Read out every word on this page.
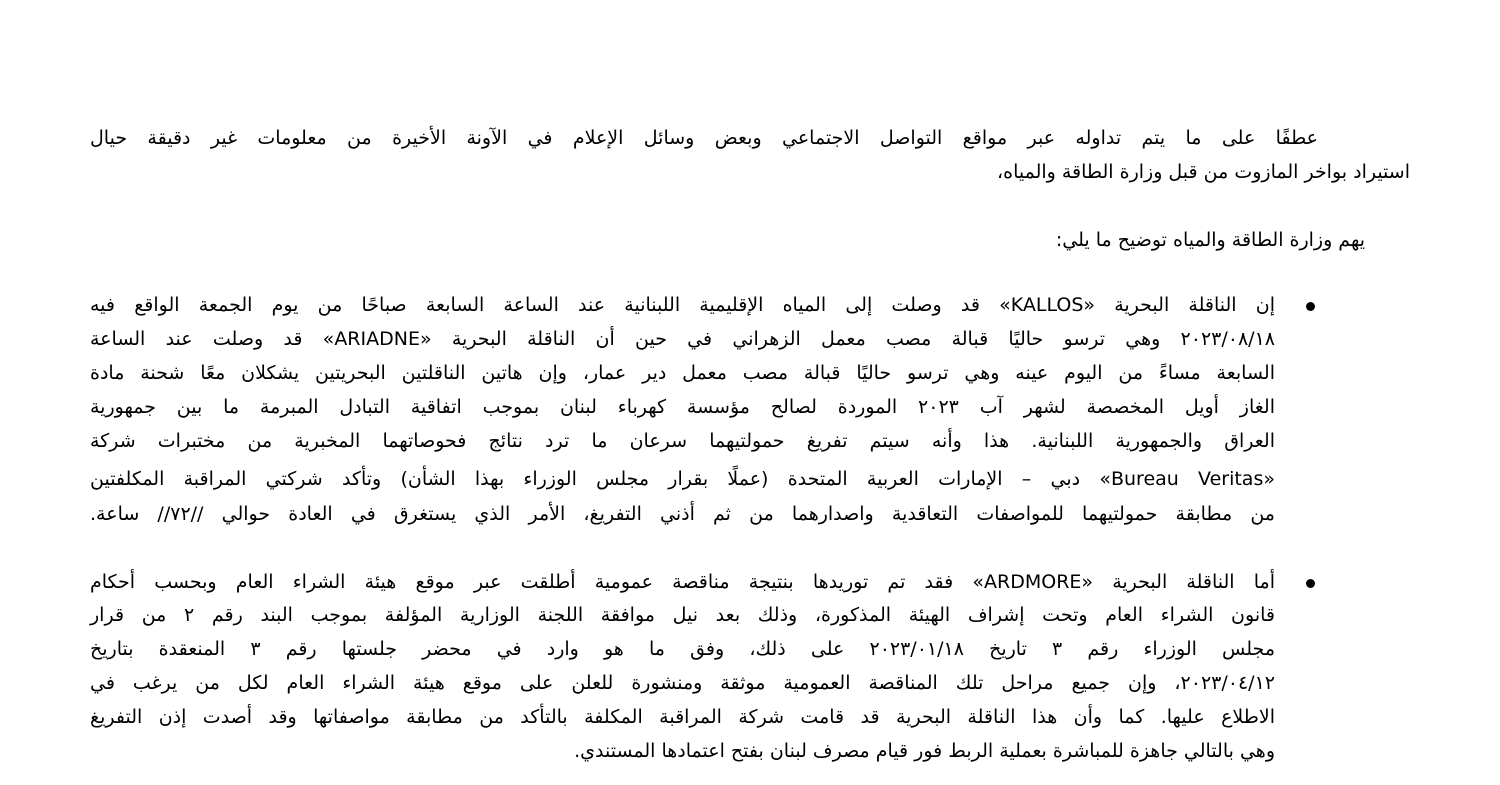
عطفًا على ما يتم تداوله عبر مواقع التواصل الاجتماعي وبعض وسائل الإعلام في الآونة الأخيرة من معلومات غير دقيقة حيال
استيراد بواخر المازوت من قبل وزارة الطاقة والمياه،
يهم وزارة الطاقة والمياه توضيح ما يلي:
إن الناقلة البحرية «KALLOS» قد وصلت إلى المياه الإقليمية اللبنانية عند الساعة السابعة صباحًا من يوم الجمعة الواقع فيه
٢٠٢٣/٠٨/١٨ وهي ترسو حاليًا قبالة مصب معمل الزهراني في حين أن الناقلة البحرية «ARIADNE» قد وصلت عند الساعة
السابعة مساءً من اليوم عينه وهي ترسو حاليًا قبالة مصب معمل دير عمار، وإن هاتين الناقلتين البحريتين يشكلان معًا شحنة مادة
الغاز أويل المخصصة لشهر آب ٢٠٢٣ الموردة لصالح مؤسسة كهرباء لبنان بموجب اتفاقية التبادل المبرمة ما بين جمهورية
العراق والجمهورية اللبنانية. هذا وأنه سيتم تفريغ حمولتيهما سرعان ما ترد نتائج فحوصاتهما المخبرية من مختبرات شركة
«Bureau Veritas» دبي – الإمارات العربية المتحدة (عملًا بقرار مجلس الوزراء بهذا الشأن) وتأكد شركتي المراقبة المكلفتين
من مطابقة حمولتيهما للمواصفات التعاقدية واصدارهما من ثم أذني التفريغ، الأمر الذي يستغرق في العادة حوالي //٧٢// ساعة.
أما الناقلة البحرية «ARDMORE» فقد تم توريدها بنتيجة مناقصة عمومية أطلقت عبر موقع هيئة الشراء العام وبحسب أحكام
قانون الشراء العام وتحت إشراف الهيئة المذكورة، وذلك بعد نيل موافقة اللجنة الوزارية المؤلفة بموجب البند رقم ٢ من قرار
مجلس الوزراء رقم ٣ تاريخ ٢٠٢٣/٠١/١٨ على ذلك، وفق ما هو وارد في محضر جلستها رقم ٣ المنعقدة بتاريخ
٢٠٢٣/٠٤/١٢، وإن جميع مراحل تلك المناقصة العمومية موثقة ومنشورة للعلن على موقع هيئة الشراء العام لكل من يرغب في
الاطلاع عليها. كما وأن هذا الناقلة البحرية قد قامت شركة المراقبة المكلفة بالتأكد من مطابقة مواصفاتها وقد أصدت إذن التفريغ
وهي بالتالي جاهزة للمباشرة بعملية الربط فور قيام مصرف لبنان بفتح اعتمادها المستندي.
